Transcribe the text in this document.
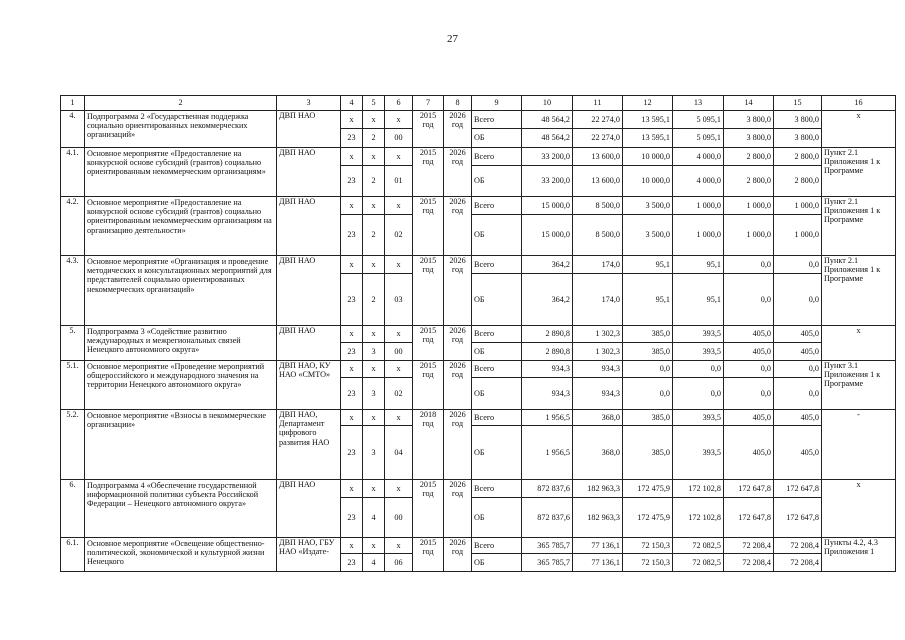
27
1	2	3	4	5	6	7	8	9	10	11	12	13	14	15	16
4.	Подпрограмма 2 «Государственная поддержка социально ориентированных некоммерческих организаций»	ДВП НАО	х	х	х	2015 год	2026 год	Всего	48 564,2	22 274,0	13 595,1	5 095,1	3 800,0	3 800,0	х
			23	2	00			ОБ	48 564,2	22 274,0	13 595,1	5 095,1	3 800,0	3 800,0	
4.1.	Основное мероприятие «Предоставление на конкурсной основе субсидий (грантов) социально ориентированным некоммерческим организациям»	ДВП НАО	х	х	х	2015 год	2026 год	Всего	33 200,0	13 600,0	10 000,0	4 000,0	2 800,0	2 800,0	Пункт 2.1 Приложения 1 к Программе
			23	2	01			ОБ	33 200,0	13 600,0	10 000,0	4 000,0	2 800,0	2 800,0	
4.2.	Основное мероприятие «Предоставление на конкурсной основе субсидий (грантов) социально ориентированным некоммерческим организациям на организацию деятельности»	ДВП НАО	х	х	х	2015 год	2026 год	Всего	15 000,0	8 500,0	3 500,0	1 000,0	1 000,0	1 000,0	Пункт 2.1 Приложения 1 к Программе
			23	2	02			ОБ	15 000,0	8 500,0	3 500,0	1 000,0	1 000,0	1 000,0	
4.3.	Основное мероприятие «Организация и проведение методических и консультационных мероприятий для представителей социально ориентированных некоммерческих организаций»	ДВП НАО	х	х	х	2015 год	2026 год	Всего	364,2	174,0	95,1	95,1	0,0	0,0	Пункт 2.1 Приложения 1 к Программе
			23	2	03			ОБ	364,2	174,0	95,1	95,1	0,0	0,0	
5.	Подпрограмма 3 «Содействие развитию международных и межрегиональных связей Ненецкого автономного округа»	ДВП НАО	х	х	х	2015 год	2026 год	Всего	2 890,8	1 302,3	385,0	393,5	405,0	405,0	х
			23	3	00			ОБ	2 890,8	1 302,3	385,0	393,5	405,0	405,0	
5.1.	Основное мероприятие «Проведение мероприятий общероссийского и международного значения на территории Ненецкого автономного округа»	ДВП НАО, КУ НАО «СМТО»	х	х	х	2015 год	2026 год	Всего	934,3	934,3	0,0	0,0	0,0	0,0	Пункт 3.1 Приложения 1 к Программе
			23	3	02			ОБ	934,3	934,3	0,0	0,0	0,0	0,0	
5.2.	Основное мероприятие «Взносы в некоммерческие организации»	ДВП НАО, Департамент цифрового развития НАО	х	х	х	2018 год	2026 год	Всего	1 956,5	368,0	385,0	393,5	405,0	405,0	-
			23	3	04			ОБ	1 956,5	368,0	385,0	393,5	405,0	405,0	
6.	Подпрограмма 4 «Обеспечение государственной информационной политики субъекта Российской Федерации – Ненецкого автономного округа»	ДВП НАО	х	х	х	2015 год	2026 год	Всего	872 837,6	182 963,3	172 475,9	172 102,8	172 647,8	172 647,8	х
			23	4	00			ОБ	872 837,6	182 963,3	172 475,9	172 102,8	172 647,8	172 647,8	
6.1.	Основное мероприятие «Освещение общественно-политической, экономической и культурной жизни Ненецкого	ДВП НАО, ГБУ НАО «Издате-	х	х	х	2015 год	2026 год	Всего	365 785,7	77 136,1	72 150,3	72 082,5	72 208,4	72 208,4	Пункты 4.2, 4.3 Приложения 1
			23	4	06			ОБ	365 785,7	77 136,1	72 150,3	72 082,5	72 208,4	72 208,4	
